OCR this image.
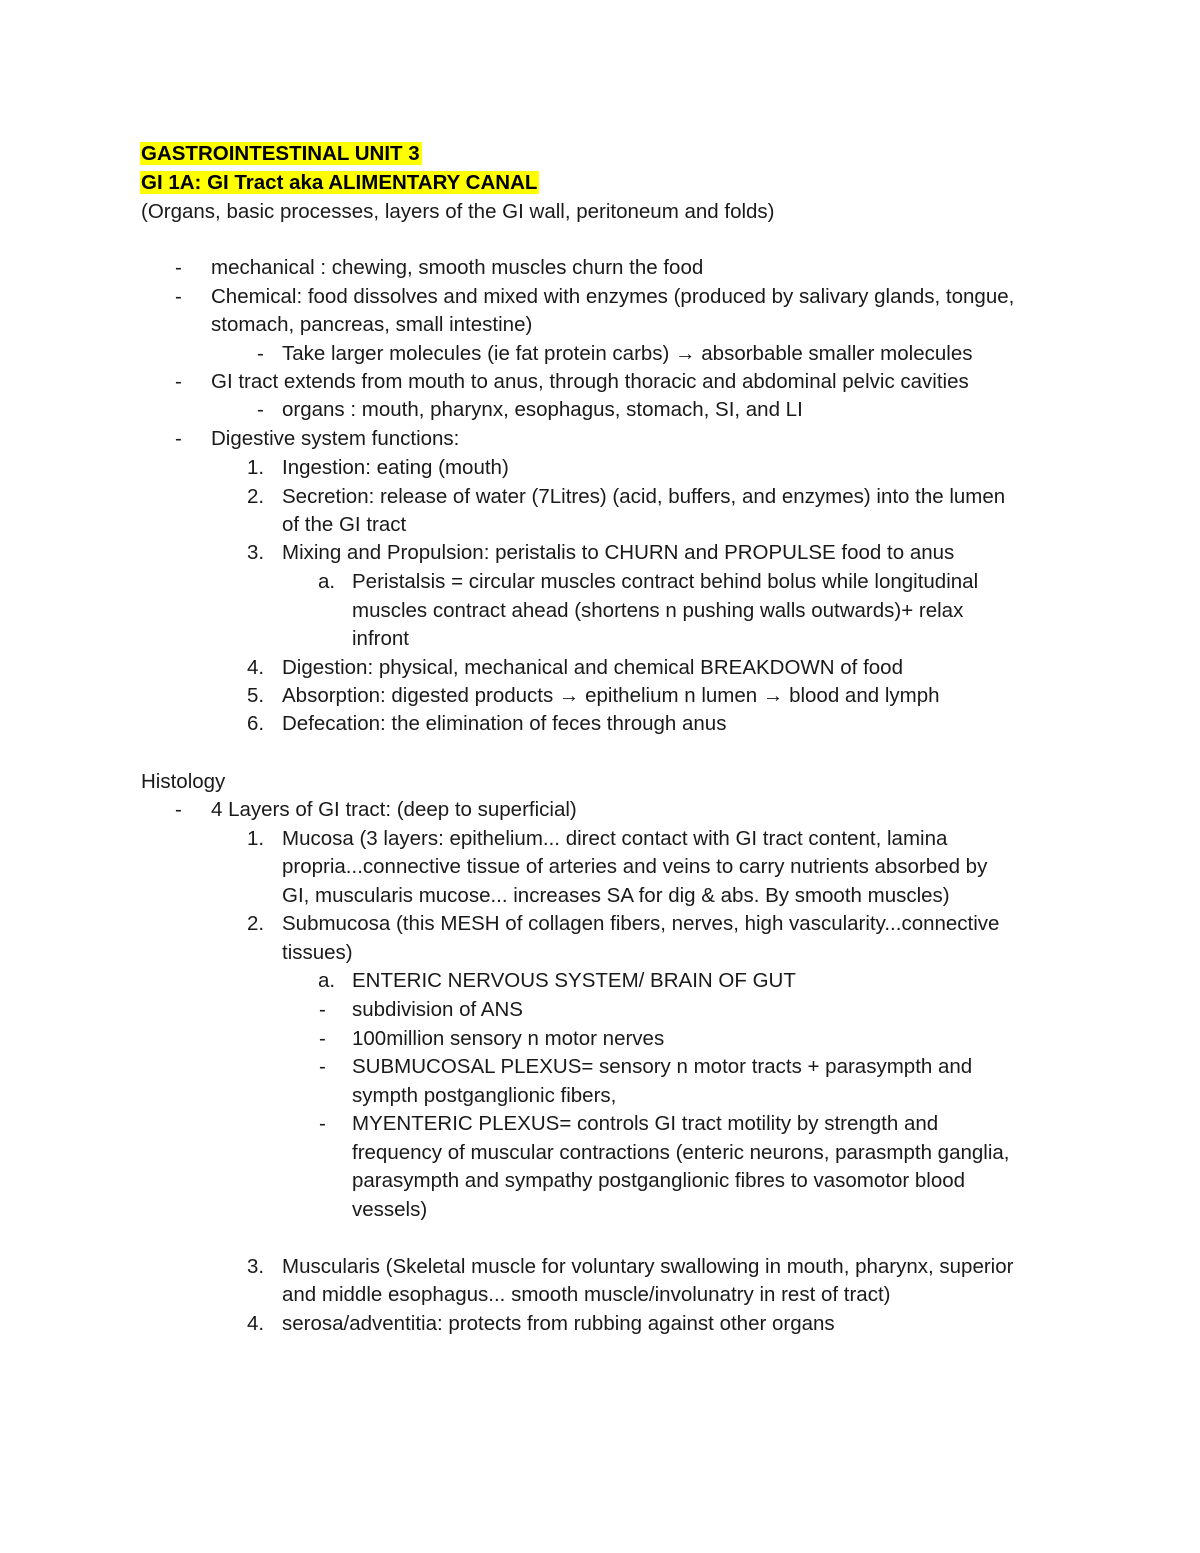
GASTROINTESTINAL UNIT 3
GI 1A: GI Tract aka ALIMENTARY CANAL
(Organs, basic processes, layers of the GI wall, peritoneum and folds)
- mechanical : chewing, smooth muscles churn the food
- Chemical: food dissolves and mixed with enzymes (produced by salivary glands, tongue,
stomach, pancreas, small intestine)
- Take larger molecules (ie fat protein carbs) → absorbable smaller molecules
- GI tract extends from mouth to anus, through thoracic and abdominal pelvic cavities
- organs : mouth, pharynx, esophagus, stomach, SI, and LI
- Digestive system functions:
1. Ingestion: eating (mouth)
2. Secretion: release of water (7Litres) (acid, buffers, and enzymes) into the lumen
of the GI tract
3. Mixing and Propulsion: peristalis to CHURN and PROPULSE food to anus
a. Peristalsis = circular muscles contract behind bolus while longitudinal
muscles contract ahead (shortens n pushing walls outwards)+ relax
infront
4. Digestion: physical, mechanical and chemical BREAKDOWN of food
5. Absorption: digested products → epithelium n lumen → blood and lymph
6. Defecation: the elimination of feces through anus
Histology
- 4 Layers of GI tract: (deep to superficial)
1. Mucosa (3 layers: epithelium... direct contact with GI tract content, lamina
propria...connective tissue of arteries and veins to carry nutrients absorbed by
GI, muscularis mucose... increases SA for dig & abs. By smooth muscles)
2. Submucosa (this MESH of collagen fibers, nerves, high vascularity...connective
tissues)
a. ENTERIC NERVOUS SYSTEM/ BRAIN OF GUT
- subdivision of ANS
- 100million sensory n motor nerves
- SUBMUCOSAL PLEXUS= sensory n motor tracts + parasympth and
sympth postganglionic fibers,
- MYENTERIC PLEXUS= controls GI tract motility by strength and
frequency of muscular contractions (enteric neurons, parasmpth ganglia,
parasympth and sympathy postganglionic fibres to vasomotor blood
vessels)
3. Muscularis (Skeletal muscle for voluntary swallowing in mouth, pharynx, superior
and middle esophagus... smooth muscle/involunatry in rest of tract)
4. serosa/adventitia: protects from rubbing against other organs
